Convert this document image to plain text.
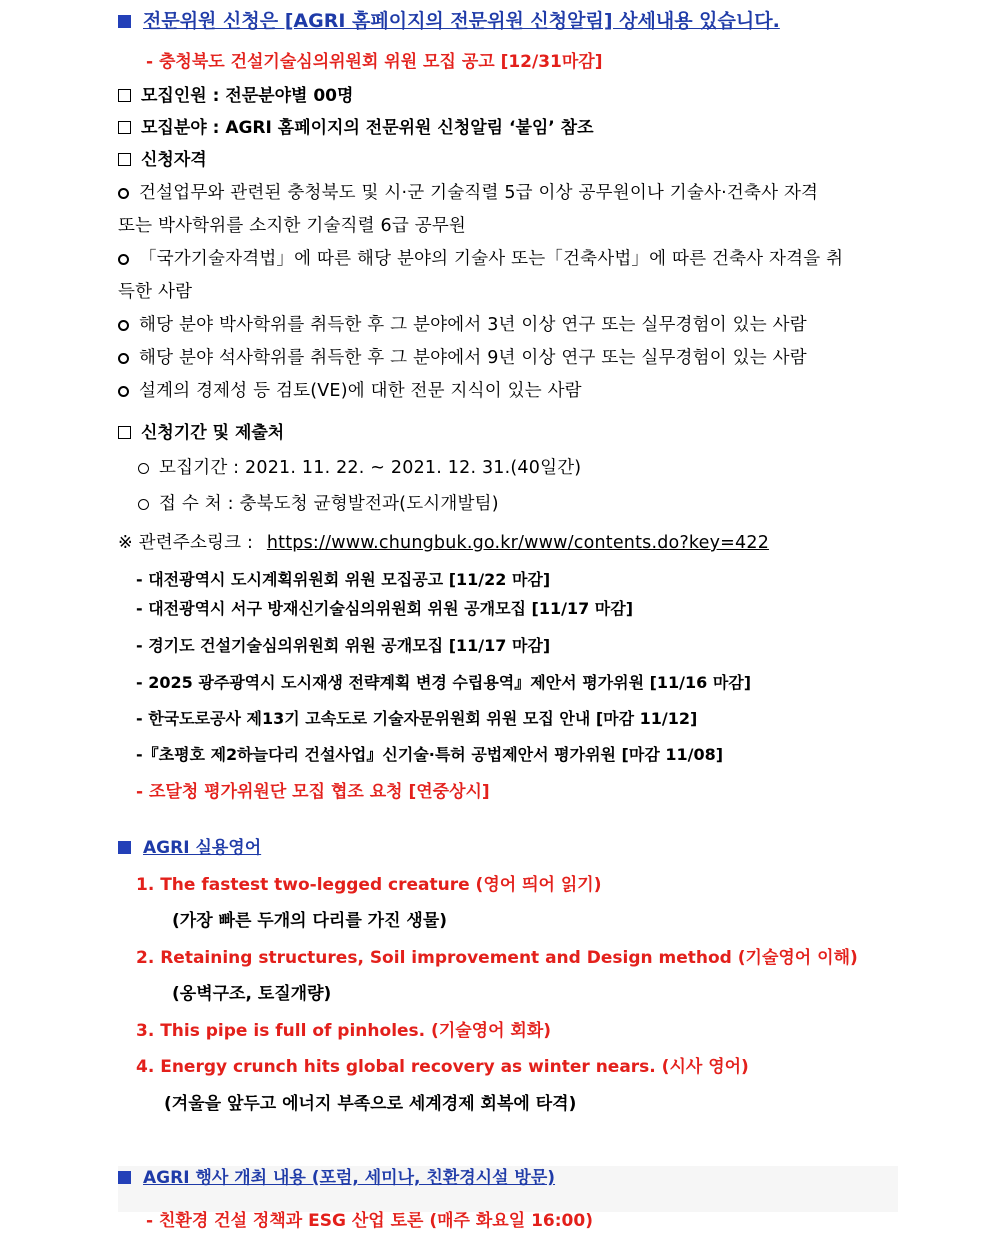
전문위원 신청은 [AGRI 홈페이지의 전문위원 신청알림] 상세내용 있습니다.
- 충청북도 건설기술심의위원회 위원 모집 공고 [12/31마감]
모집인원 : 전문분야별 00명
모집분야 : AGRI 홈페이지의 전문위원 신청알림 ‘붙임’ 참조
신청자격
건설업무와 관련된 충청북도 및 시·군 기술직렬 5급 이상 공무원이나 기술사·건축사 자격
또는 박사학위를 소지한 기술직렬 6급 공무원
「국가기술자격법」에 따른 해당 분야의 기술사 또는「건축사법」에 따른 건축사 자격을 취
득한 사람
해당 분야 박사학위를 취득한 후 그 분야에서 3년 이상 연구 또는 실무경험이 있는 사람
해당 분야 석사학위를 취득한 후 그 분야에서 9년 이상 연구 또는 실무경험이 있는 사람
설계의 경제성 등 검토(VE)에 대한 전문 지식이 있는 사람
신청기간 및 제출처
모집기간 : 2021. 11. 22. ~ 2021. 12. 31.(40일간)
접 수 처 : 충북도청 균형발전과(도시개발팀)
※ 관련주소링크 : https://www.chungbuk.go.kr/www/contents.do?key=422
- 대전광역시 도시계획위원회 위원 모집공고 [11/22 마감]
- 대전광역시 서구 방재신기술심의위원회 위원 공개모집 [11/17 마감]
- 경기도 건설기술심의위원회 위원 공개모집 [11/17 마감]
- 2025 광주광역시 도시재생 전략계획 변경 수립용역』제안서 평가위원 [11/16 마감]
- 한국도로공사 제13기 고속도로 기술자문위원회 위원 모집 안내 [마감 11/12]
-『초평호 제2하늘다리 건설사업』신기술·특허 공법제안서 평가위원 [마감 11/08]
- 조달청 평가위원단 모집 협조 요청 [연중상시]
AGRI 실용영어
1. The fastest two-legged creature (영어 띄어 읽기)
(가장 빠른 두개의 다리를 가진 생물)
2. Retaining structures, Soil improvement and Design method (기술영어 이해)
(옹벽구조, 토질개량)
3. This pipe is full of pinholes. (기술영어 회화)
4. Energy crunch hits global recovery as winter nears. (시사 영어)
(겨울을 앞두고 에너지 부족으로 세계경제 회복에 타격)
AGRI 행사 개최 내용 (포럼, 세미나, 친환경시설 방문)
- 친환경 건설 정책과 ESG 산업 토론 (매주 화요일 16:00)
